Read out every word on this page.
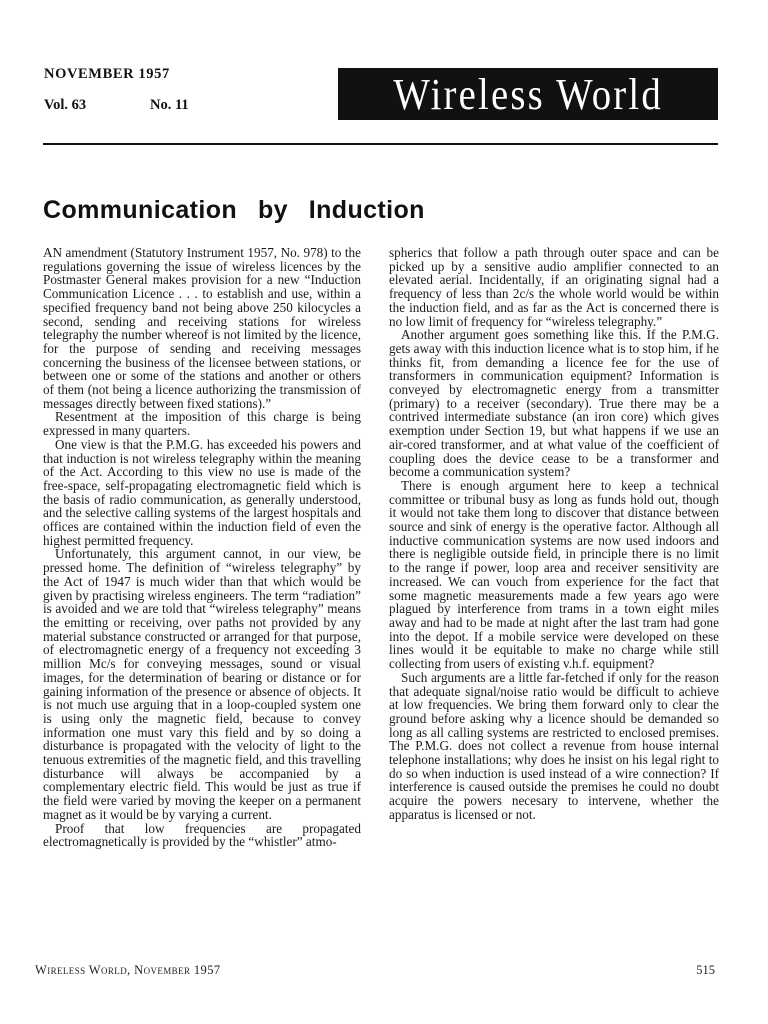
NOVEMBER 1957
Vol. 63	No. 11	Wireless World
Communication by Induction

AN amendment (Statutory Instrument 1957, No. 978) to the regulations governing the issue of wireless licences by the Postmaster General makes provision for a new “Induction Communication Licence . . . to establish and use, within a specified frequency band not being above 250 kilocycles a second, sending and receiving stations for wireless telegraphy the number whereof is not limited by the licence, for the purpose of sending and receiving messages concerning the business of the licensee between stations, or between one or some of the stations and another or others of them (not being a licence authorizing the transmission of messages directly between fixed stations).”

Resentment at the imposition of this charge is being expressed in many quarters.

One view is that the P.M.G. has exceeded his powers and that induction is not wireless telegraphy within the meaning of the Act. According to this view no use is made of the free-space, self-propagating electromagnetic field which is the basis of radio communication, as generally understood, and the selective calling systems of the largest hospitals and offices are contained within the induction field of even the highest permitted frequency.

Unfortunately, this argument cannot, in our view, be pressed home. The definition of “wireless telegraphy” by the Act of 1947 is much wider than that which would be given by practising wireless engineers. The term “radiation” is avoided and we are told that “wireless telegraphy” means the emitting or receiving, over paths not provided by any material substance constructed or arranged for that purpose, of electromagnetic energy of a frequency not exceeding 3 million Mc/s for conveying messages, sound or visual images, for the determination of bearing or distance or for gaining information of the presence or absence of objects. It is not much use arguing that in a loop-coupled system one is using only the magnetic field, because to convey information one must vary this field and by so doing a disturbance is propagated with the velocity of light to the tenuous extremities of the magnetic field, and this travelling disturbance will always be accompanied by a complementary electric field. This would be just as true if the field were varied by moving the keeper on a permanent magnet as it would be by varying a current.

Proof that low frequencies are propagated electromagnetically is provided by the “whistler” atmo-

spherics that follow a path through outer space and can be picked up by a sensitive audio amplifier connected to an elevated aerial. Incidentally, if an originating signal had a frequency of less than 2c/s the whole world would be within the induction field, and as far as the Act is concerned there is no low limit of frequency for “wireless telegraphy.”

Another argument goes something like this. If the P.M.G. gets away with this induction licence what is to stop him, if he thinks fit, from demanding a licence fee for the use of transformers in communication equipment? Information is conveyed by electromagnetic energy from a transmitter (primary) to a receiver (secondary). True there may be a contrived intermediate substance (an iron core) which gives exemption under Section 19, but what happens if we use an air-cored transformer, and at what value of the coefficient of coupling does the device cease to be a transformer and become a communication system?

There is enough argument here to keep a technical committee or tribunal busy as long as funds hold out, though it would not take them long to discover that distance between source and sink of energy is the operative factor. Although all inductive communication systems are now used indoors and there is negligible outside field, in principle there is no limit to the range if power, loop area and receiver sensitivity are increased. We can vouch from experience for the fact that some magnetic measurements made a few years ago were plagued by interference from trams in a town eight miles away and had to be made at night after the last tram had gone into the depot. If a mobile service were developed on these lines would it be equitable to make no charge while still collecting from users of existing v.h.f. equipment?

Such arguments are a little far-fetched if only for the reason that adequate signal/noise ratio would be difficult to achieve at low frequencies. We bring them forward only to clear the ground before asking why a licence should be demanded so long as all calling systems are restricted to enclosed premises. The P.M.G. does not collect a revenue from house internal telephone installations; why does he insist on his legal right to do so when induction is used instead of a wire connection? If interference is caused outside the premises he could no doubt acquire the powers necesary to intervene, whether the apparatus is licensed or not.

Wireless World, November 1957	515
